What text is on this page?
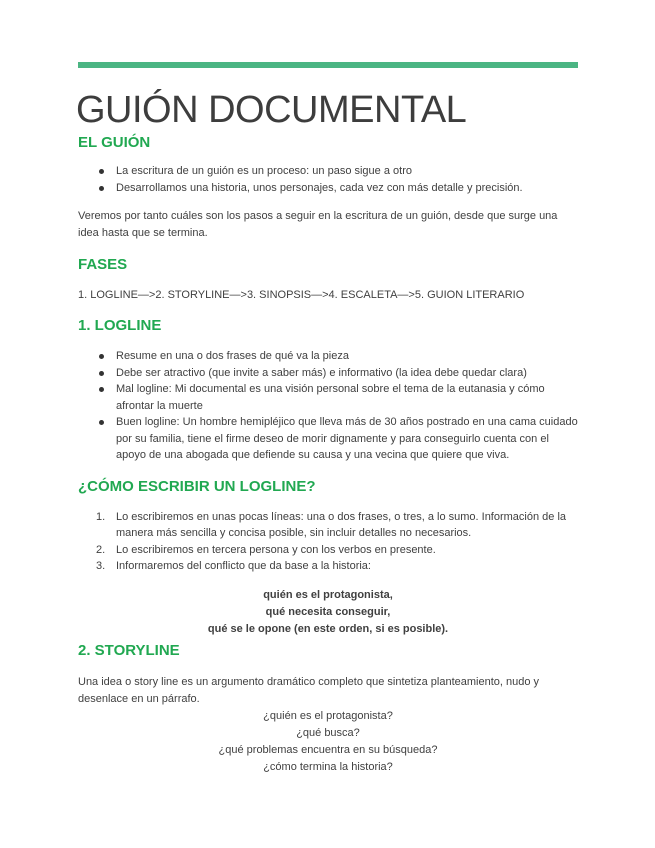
GUIÓN DOCUMENTAL
EL GUIÓN
La escritura de un guión es un proceso: un paso sigue a otro
Desarrollamos una historia, unos personajes, cada vez con más detalle y precisión.

Veremos por tanto cuáles son los pasos a seguir en la escritura de un guión, desde que surge una idea hasta que se termina.

FASES

1. LOGLINE—>2. STORYLINE—>3. SINOPSIS—>4. ESCALETA—>5. GUION LITERARIO

1. LOGLINE
Resume en una o dos frases de qué va la pieza
Debe ser atractivo (que invite a saber más) e informativo (la idea debe quedar clara)
Mal logline: Mi documental es una visión personal sobre el tema de la eutanasia y cómo afrontar la muerte
Buen logline: Un hombre hemipléjico que lleva más de 30 años postrado en una cama cuidado por su familia, tiene el firme deseo de morir dignamente y para conseguirlo cuenta con el apoyo de una abogada que defiende su causa y una vecina que quiere que viva.
¿CÓMO ESCRIBIR UN LOGLINE?
1. Lo escribiremos en unas pocas líneas: una o dos frases, o tres, a lo sumo. Información de la manera más sencilla y concisa posible, sin incluir detalles no necesarios.
2. Lo escribiremos en tercera persona y con los verbos en presente.
3. Informaremos del conflicto que da base a la historia:

quién es el protagonista,

qué necesita conseguir,

qué se le opone (en este orden, si es posible).

2. STORYLINE

Una idea o story line es un argumento dramático completo que sintetiza planteamiento, nudo y desenlace en un párrafo.

¿quién es el protagonista?

¿qué busca?

¿qué problemas encuentra en su búsqueda?

¿cómo termina la historia?
